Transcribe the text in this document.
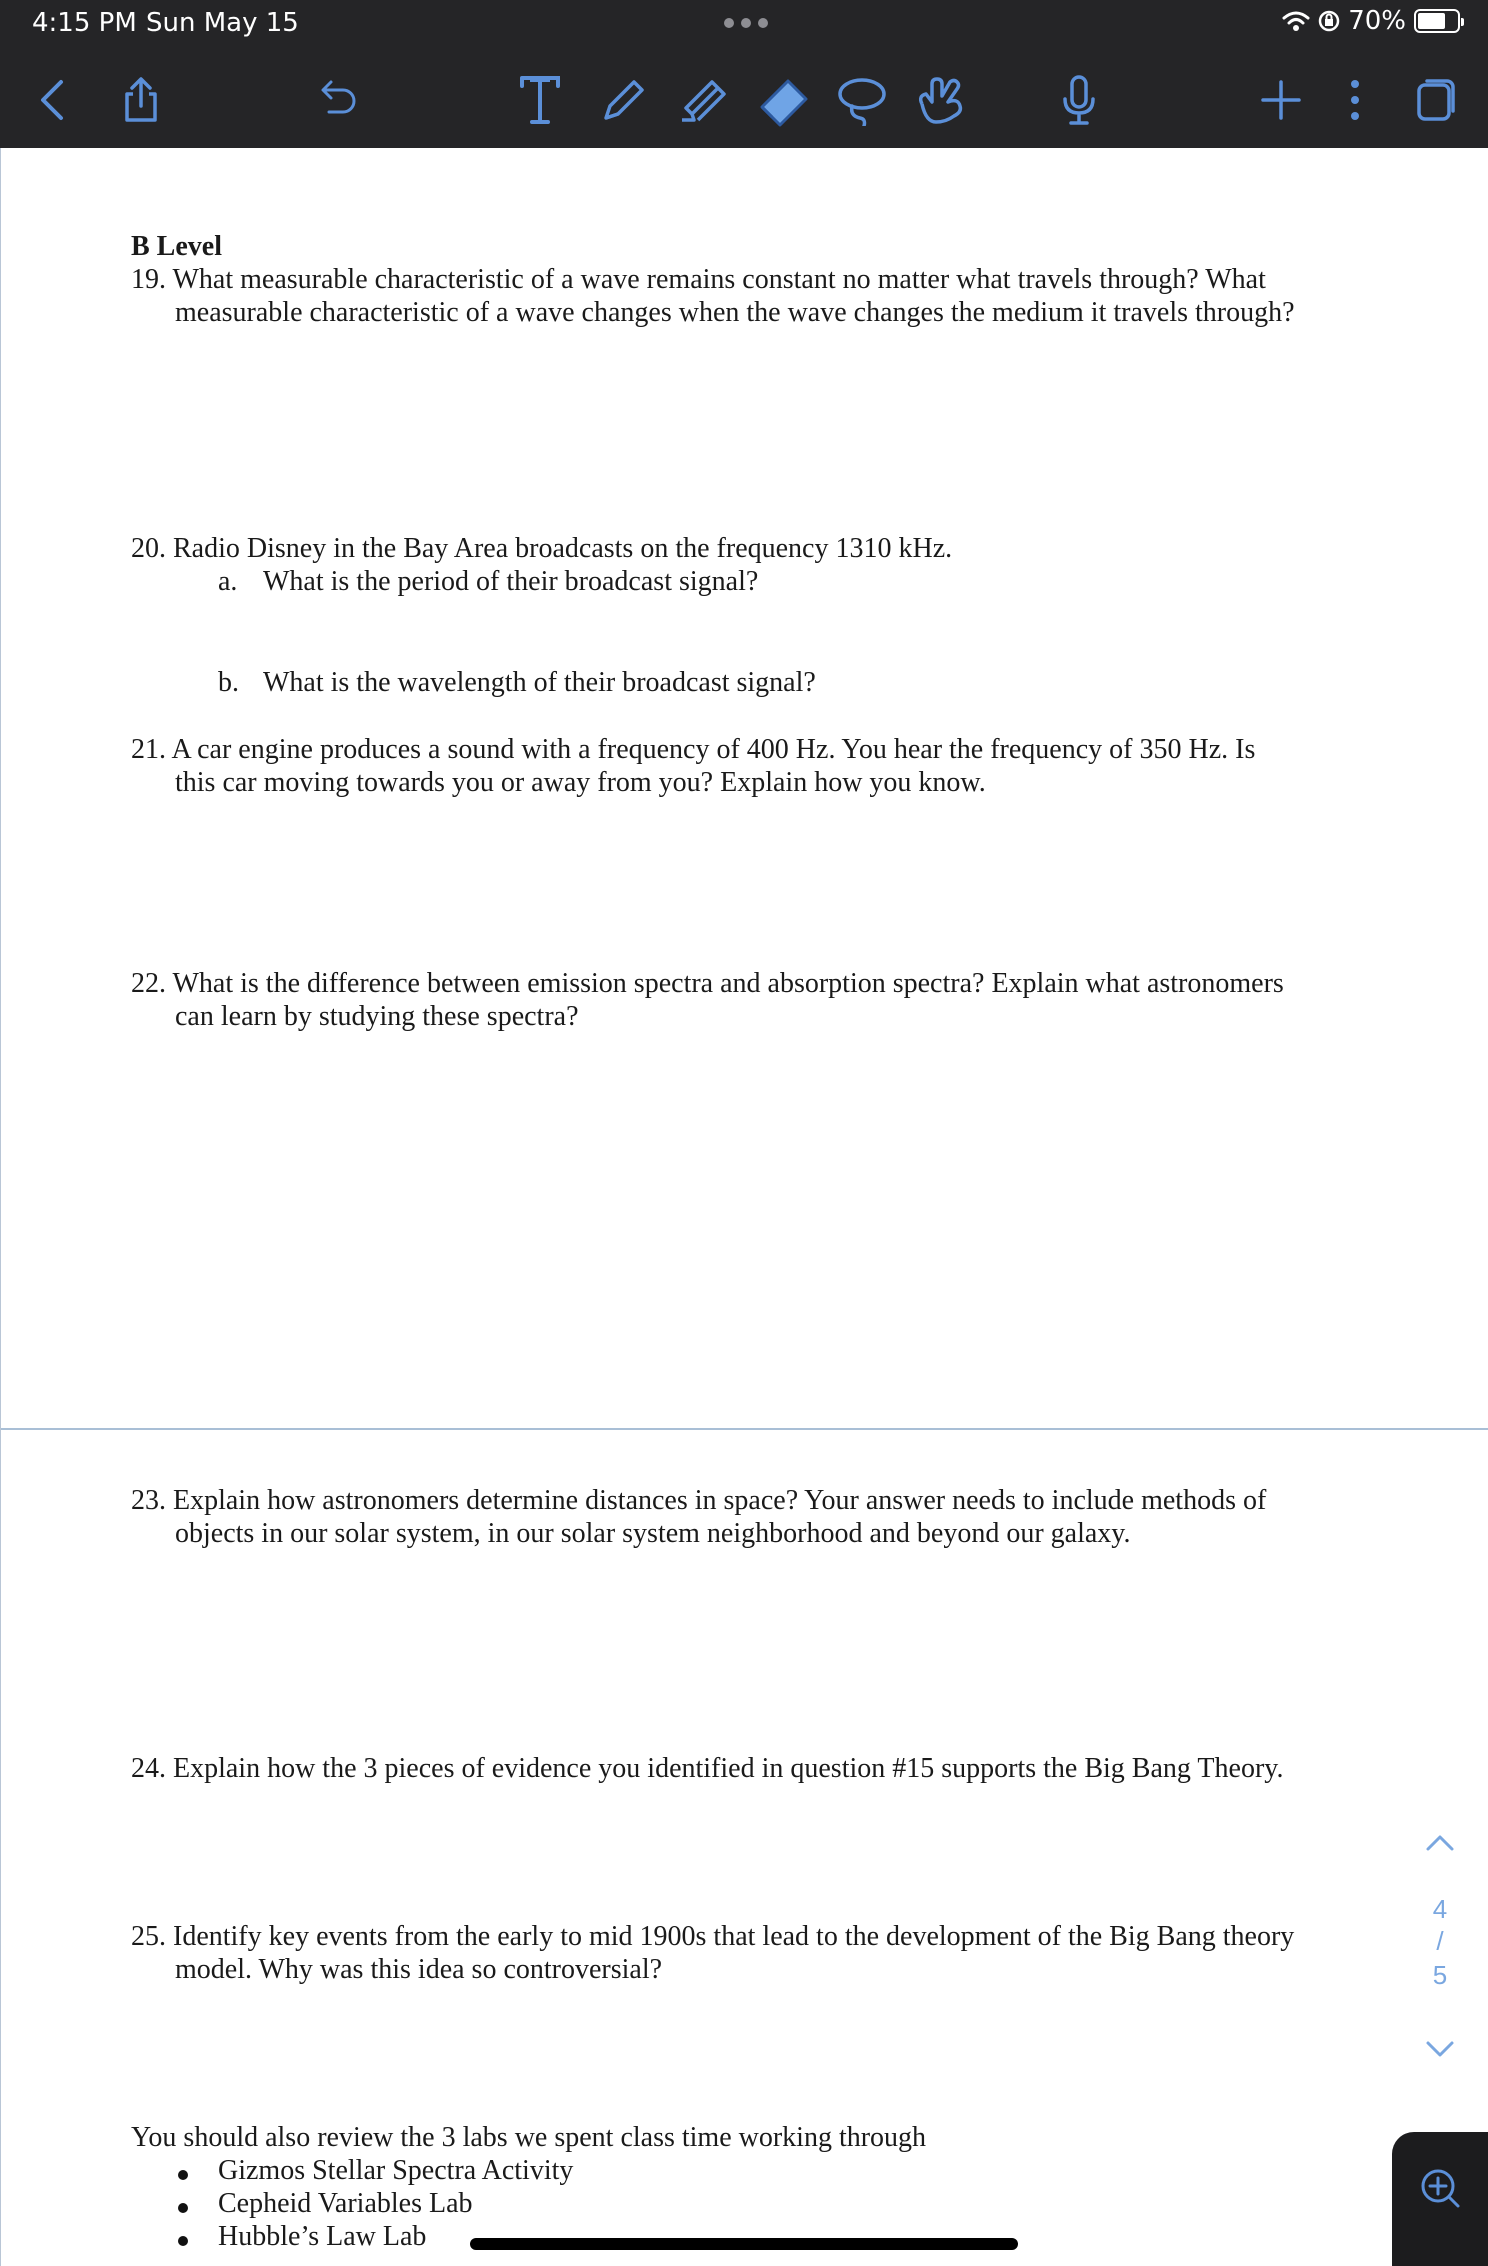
4:15 PM Sun May 15	70%
B Level
19. What measurable characteristic of a wave remains constant no matter what travels through? What
measurable characteristic of a wave changes when the wave changes the medium it travels through?
20. Radio Disney in the Bay Area broadcasts on the frequency 1310 kHz.
a. What is the period of their broadcast signal?
b. What is the wavelength of their broadcast signal?
21. A car engine produces a sound with a frequency of 400 Hz. You hear the frequency of 350 Hz. Is
this car moving towards you or away from you? Explain how you know.
22. What is the difference between emission spectra and absorption spectra? Explain what astronomers
can learn by studying these spectra?
23. Explain how astronomers determine distances in space? Your answer needs to include methods of
objects in our solar system, in our solar system neighborhood and beyond our galaxy.
24. Explain how the 3 pieces of evidence you identified in question #15 supports the Big Bang Theory.
25. Identify key events from the early to mid 1900s that lead to the development of the Big Bang theory
model. Why was this idea so controversial?
You should also review the 3 labs we spent class time working through
Gizmos Stellar Spectra Activity
Cepheid Variables Lab
Hubble’s Law Lab
4
/
5
